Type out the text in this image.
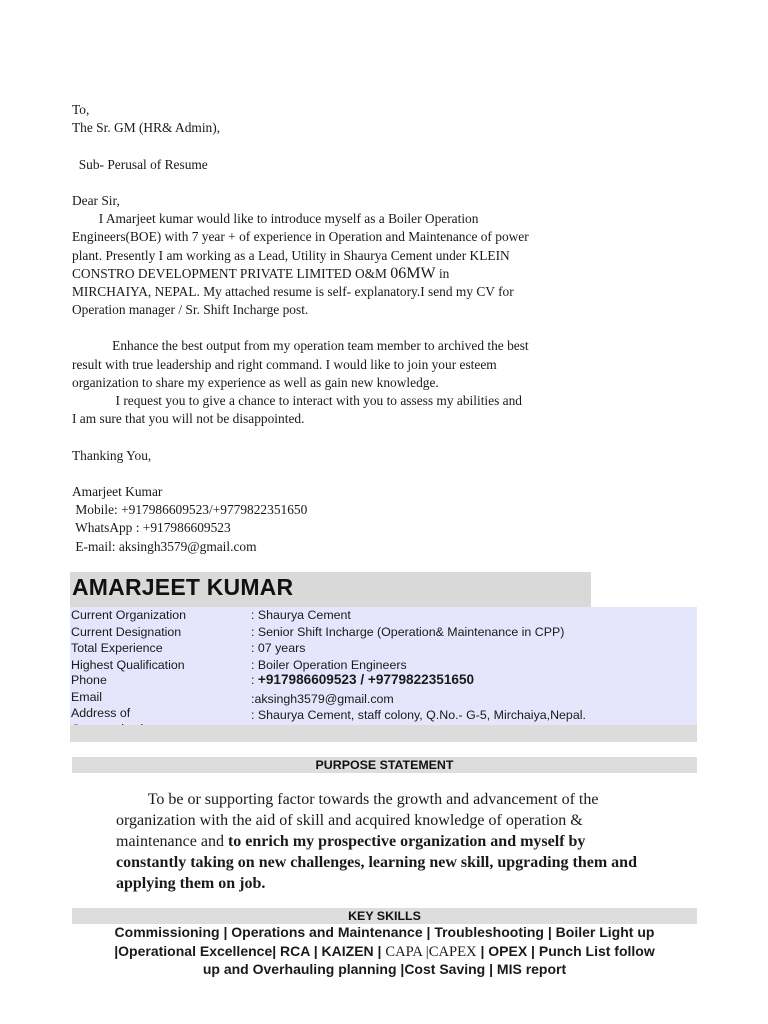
To,
The Sr. GM (HR& Admin),
Sub- Perusal of Resume
Dear Sir,
I Amarjeet kumar would like to introduce myself as a Boiler Operation
Engineers(BOE) with 7 year + of experience in Operation and Maintenance of power
plant. Presently I am working as a Lead, Utility in Shaurya Cement under KLEIN
CONSTRO DEVELOPMENT PRIVATE LIMITED O&M 06MW in
MIRCHAIYA, NEPAL. My attached resume is self- explanatory.I send my CV for
Operation manager / Sr. Shift Incharge post.
Enhance the best output from my operation team member to archived the best
result with true leadership and right command. I would like to join your esteem
organization to share my experience as well as gain new knowledge.
I request you to give a chance to interact with you to assess my abilities and
I am sure that you will not be disappointed.
Thanking You,
Amarjeet Kumar
Mobile: +917986609523/+9779822351650
WhatsApp : +917986609523
E-mail: aksingh3579@gmail.com
AMARJEET KUMAR
Current Organization	: Shaurya Cement
Current Designation	: Senior Shift Incharge (Operation& Maintenance in CPP)
Total Experience	: 07 years
Highest Qualification	: Boiler Operation Engineers
Phone	: +917986609523 / +9779822351650
Email	:aksingh3579@gmail.com
Address of	: Shaurya Cement, staff colony, Q.No.- G-5, Mirchaiya,Nepal.
PURPOSE STATEMENT
To be or supporting factor towards the growth and advancement of the
organization with the aid of skill and acquired knowledge of operation &
maintenance and to enrich my prospective organization and myself by
constantly taking on new challenges, learning new skill, upgrading them and
applying them on job.
KEY SKILLS
Commissioning | Operations and Maintenance | Troubleshooting | Boiler Light up
|Operational Excellence| RCA | KAIZEN | CAPA |CAPEX | OPEX | Punch List follow
up and Overhauling planning |Cost Saving | MIS report
